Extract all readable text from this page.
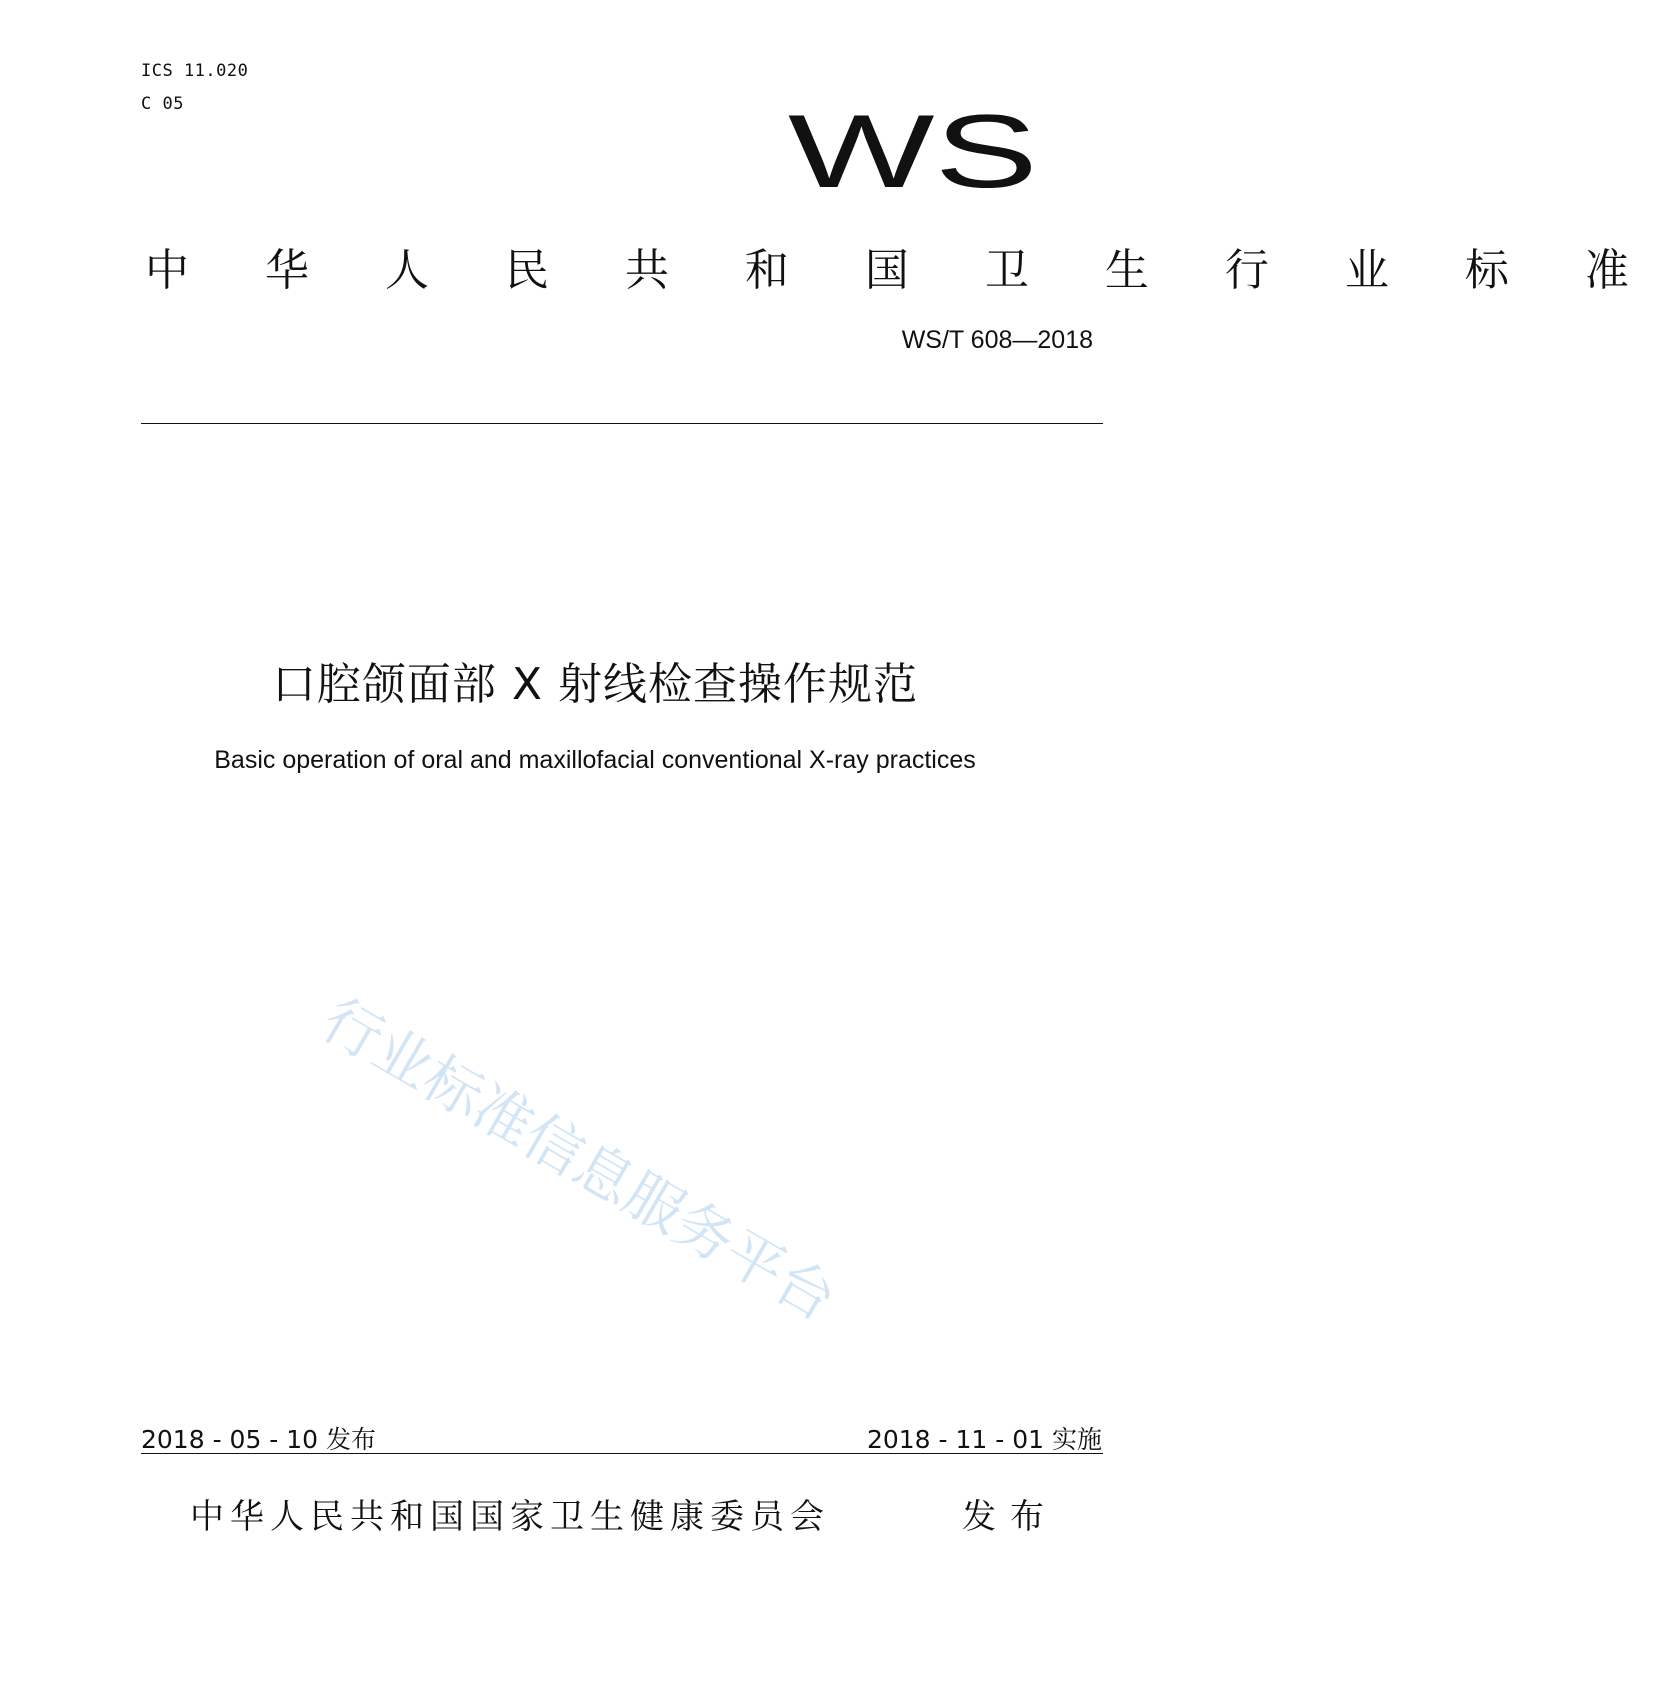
ICS 11.020
C 05	WS
中 华 人 民 共 和 国 卫 生 行 业 标 准
WS/T 608—2018
口腔颌面部 X 射线检查操作规范
Basic operation of oral and maxillofacial conventional X-ray practices
行业标准信息服务平台
2018 - 05 - 10 发布	2018 - 11 - 01 实施
中华人民共和国国家卫生健康委员会	发布
